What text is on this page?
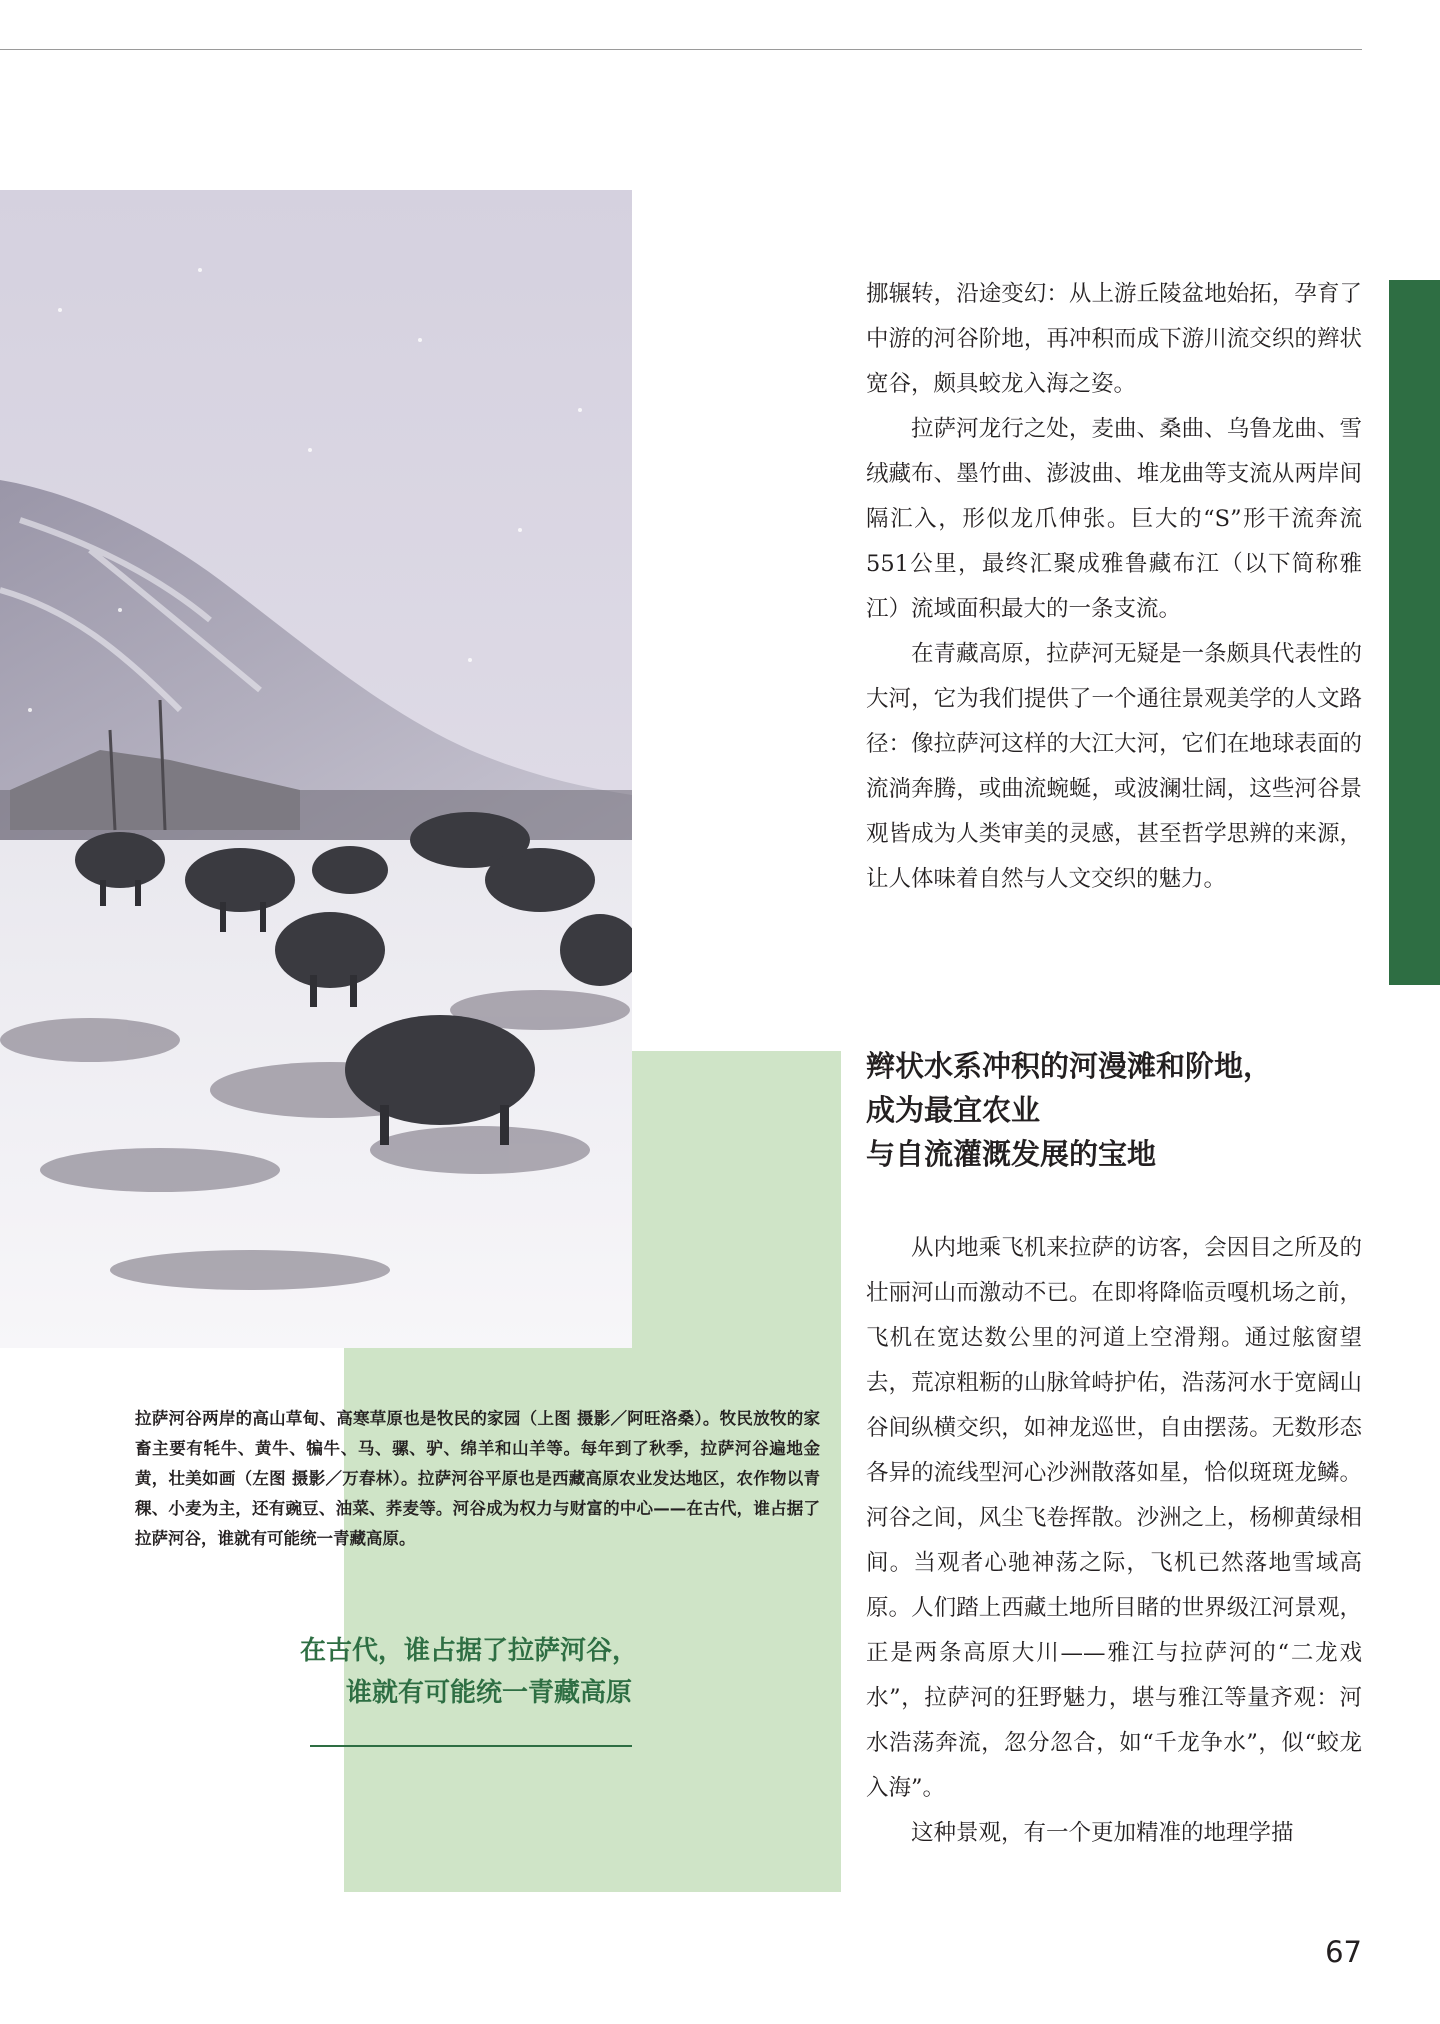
拉萨河谷两岸的高山草甸、高寒草原也是牧民的家园（上图 摄影／阿旺洛桑）。牧民放牧的家畜主要有牦牛、黄牛、犏牛、马、骡、驴、绵羊和山羊等。每年到了秋季，拉萨河谷遍地金黄，壮美如画（左图 摄影／万春林）。拉萨河谷平原也是西藏高原农业发达地区，农作物以青稞、小麦为主，还有豌豆、油菜、荞麦等。河谷成为权力与财富的中心——在古代，谁占据了拉萨河谷，谁就有可能统一青藏高原。

在古代，谁占据了拉萨河谷，
谁就有可能统一青藏高原

挪辗转，沿途变幻：从上游丘陵盆地始拓，孕育了中游的河谷阶地，再冲积而成下游川流交织的辫状宽谷，颇具蛟龙入海之姿。

拉萨河龙行之处，麦曲、桑曲、乌鲁龙曲、雪绒藏布、墨竹曲、澎波曲、堆龙曲等支流从两岸间隔汇入，形似龙爪伸张。巨大的“S”形干流奔流551公里，最终汇聚成雅鲁藏布江（以下简称雅江）流域面积最大的一条支流。

在青藏高原，拉萨河无疑是一条颇具代表性的大河，它为我们提供了一个通往景观美学的人文路径：像拉萨河这样的大江大河，它们在地球表面的流淌奔腾，或曲流蜿蜒，或波澜壮阔，这些河谷景观皆成为人类审美的灵感，甚至哲学思辨的来源，让人体味着自然与人文交织的魅力。

辫状水系冲积的河漫滩和阶地，
成为最宜农业
与自流灌溉发展的宝地

从内地乘飞机来拉萨的访客，会因目之所及的壮丽河山而激动不已。在即将降临贡嘎机场之前，飞机在宽达数公里的河道上空滑翔。通过舷窗望去，荒凉粗粝的山脉耸峙护佑，浩荡河水于宽阔山谷间纵横交织，如神龙巡世，自由摆荡。无数形态各异的流线型河心沙洲散落如星，恰似斑斑龙鳞。河谷之间，风尘飞卷挥散。沙洲之上，杨柳黄绿相间。当观者心驰神荡之际，飞机已然落地雪域高原。人们踏上西藏土地所目睹的世界级江河景观，正是两条高原大川——雅江与拉萨河的“二龙戏水”，拉萨河的狂野魅力，堪与雅江等量齐观：河水浩荡奔流，忽分忽合，如“千龙争水”，似“蛟龙入海”。

这种景观，有一个更加精准的地理学描

67
